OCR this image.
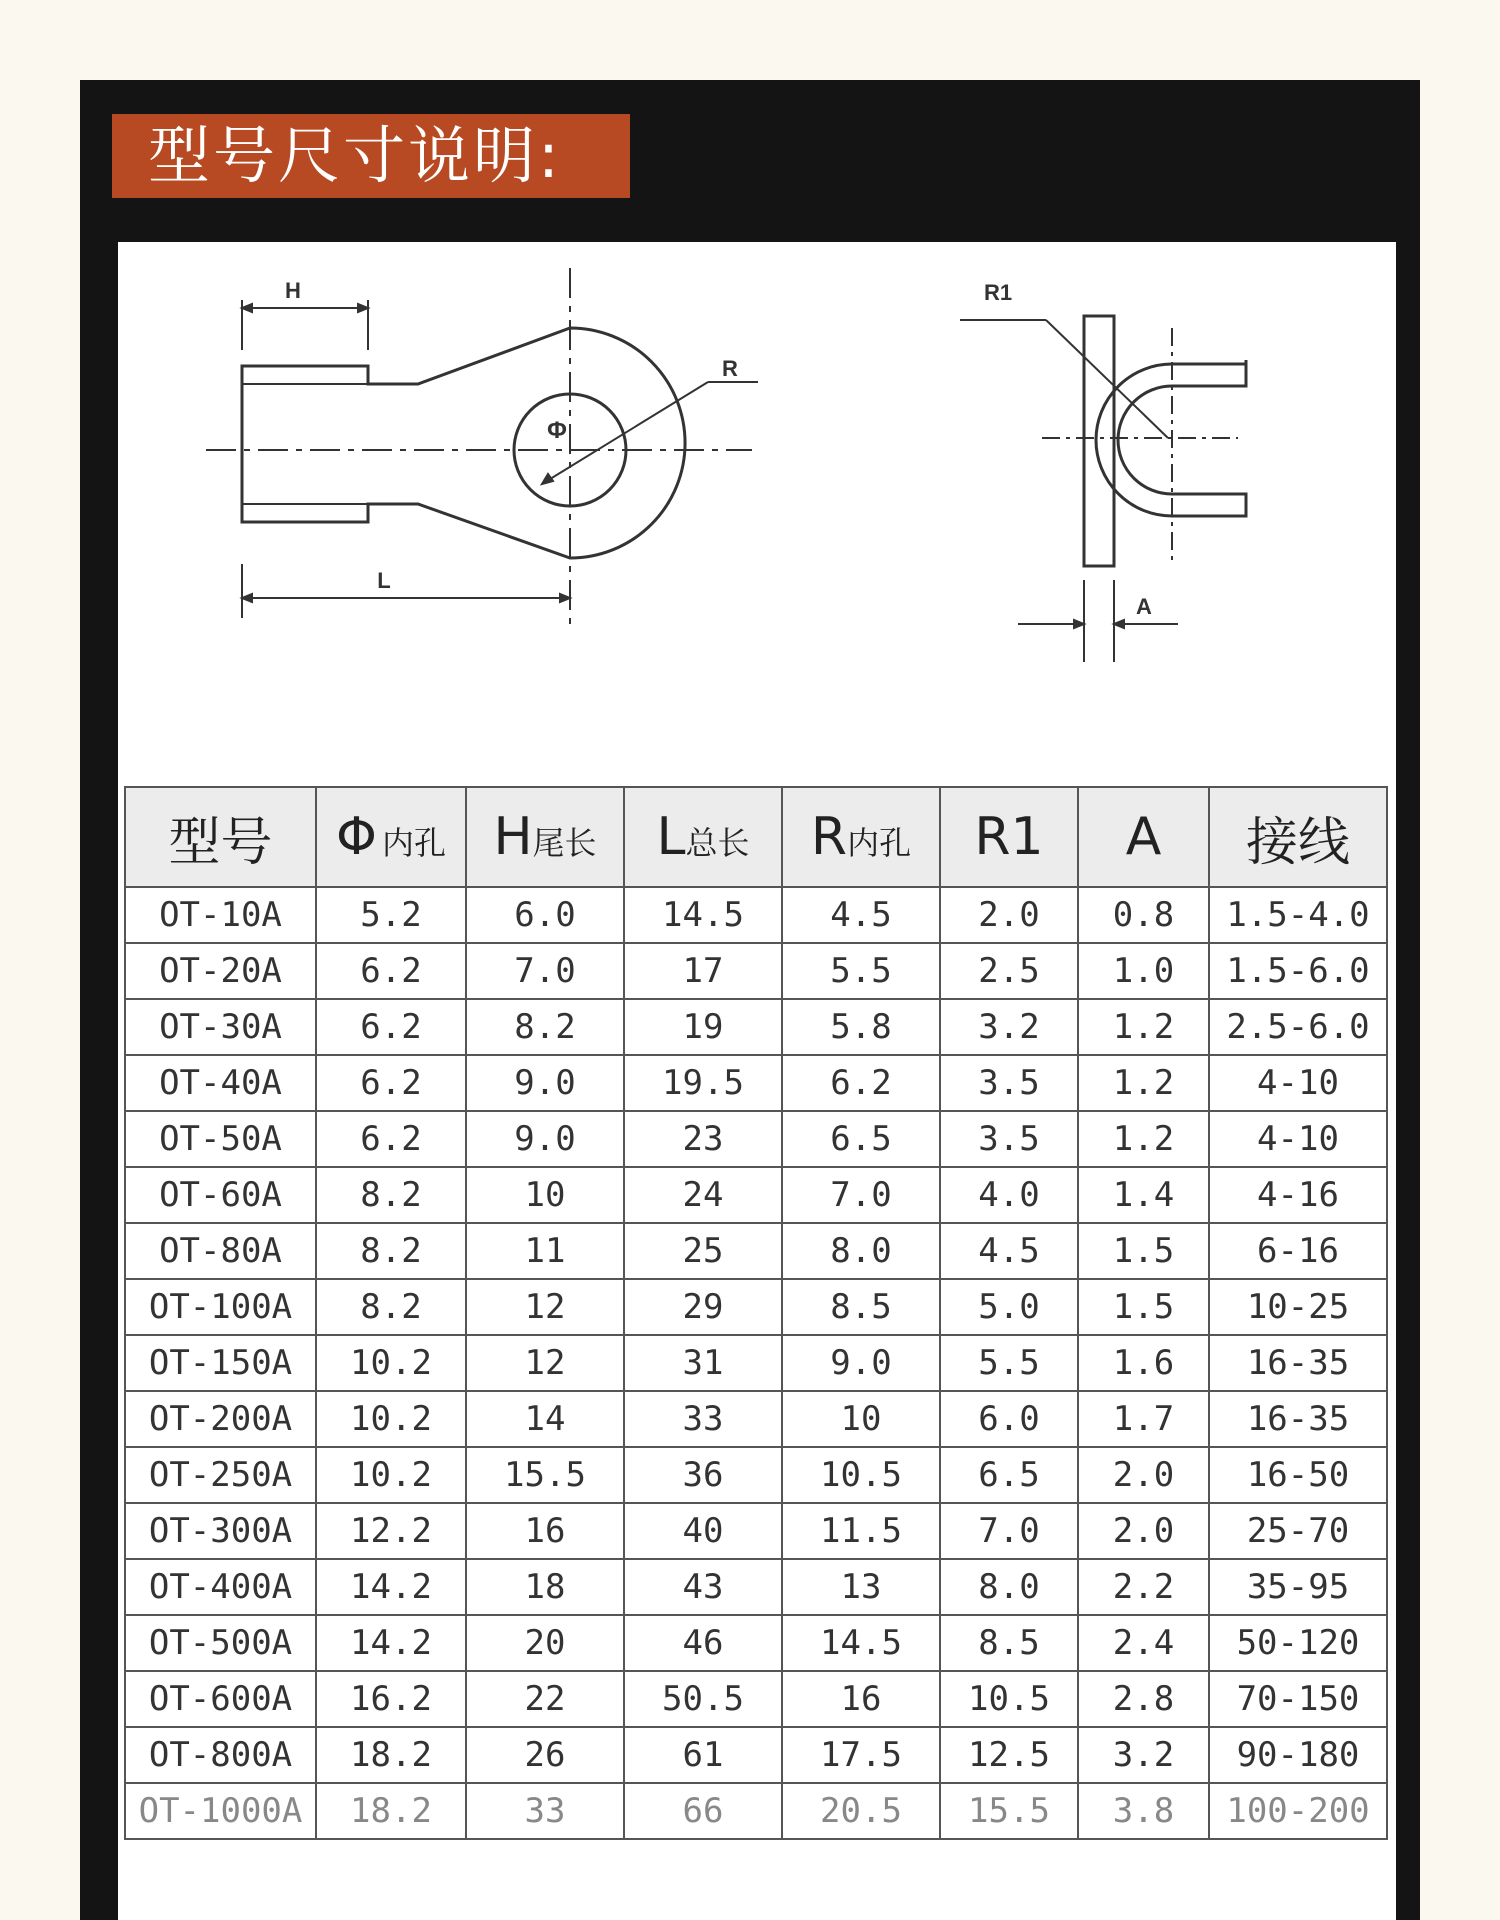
型号尺寸说明:
H
R
Φ
L
R1
A
型号	Φ 内孔	H尾长	L总长	R内孔	R1	A	接线
OT-10A	5.2	6.0	14.5	4.5	2.0	0.8	1.5-4.0
OT-20A	6.2	7.0	17	5.5	2.5	1.0	1.5-6.0
OT-30A	6.2	8.2	19	5.8	3.2	1.2	2.5-6.0
OT-40A	6.2	9.0	19.5	6.2	3.5	1.2	4-10
OT-50A	6.2	9.0	23	6.5	3.5	1.2	4-10
OT-60A	8.2	10	24	7.0	4.0	1.4	4-16
OT-80A	8.2	11	25	8.0	4.5	1.5	6-16
OT-100A	8.2	12	29	8.5	5.0	1.5	10-25
OT-150A	10.2	12	31	9.0	5.5	1.6	16-35
OT-200A	10.2	14	33	10	6.0	1.7	16-35
OT-250A	10.2	15.5	36	10.5	6.5	2.0	16-50
OT-300A	12.2	16	40	11.5	7.0	2.0	25-70
OT-400A	14.2	18	43	13	8.0	2.2	35-95
OT-500A	14.2	20	46	14.5	8.5	2.4	50-120
OT-600A	16.2	22	50.5	16	10.5	2.8	70-150
OT-800A	18.2	26	61	17.5	12.5	3.2	90-180
OT-1000A	18.2	33	66	20.5	15.5	3.8	100-200
